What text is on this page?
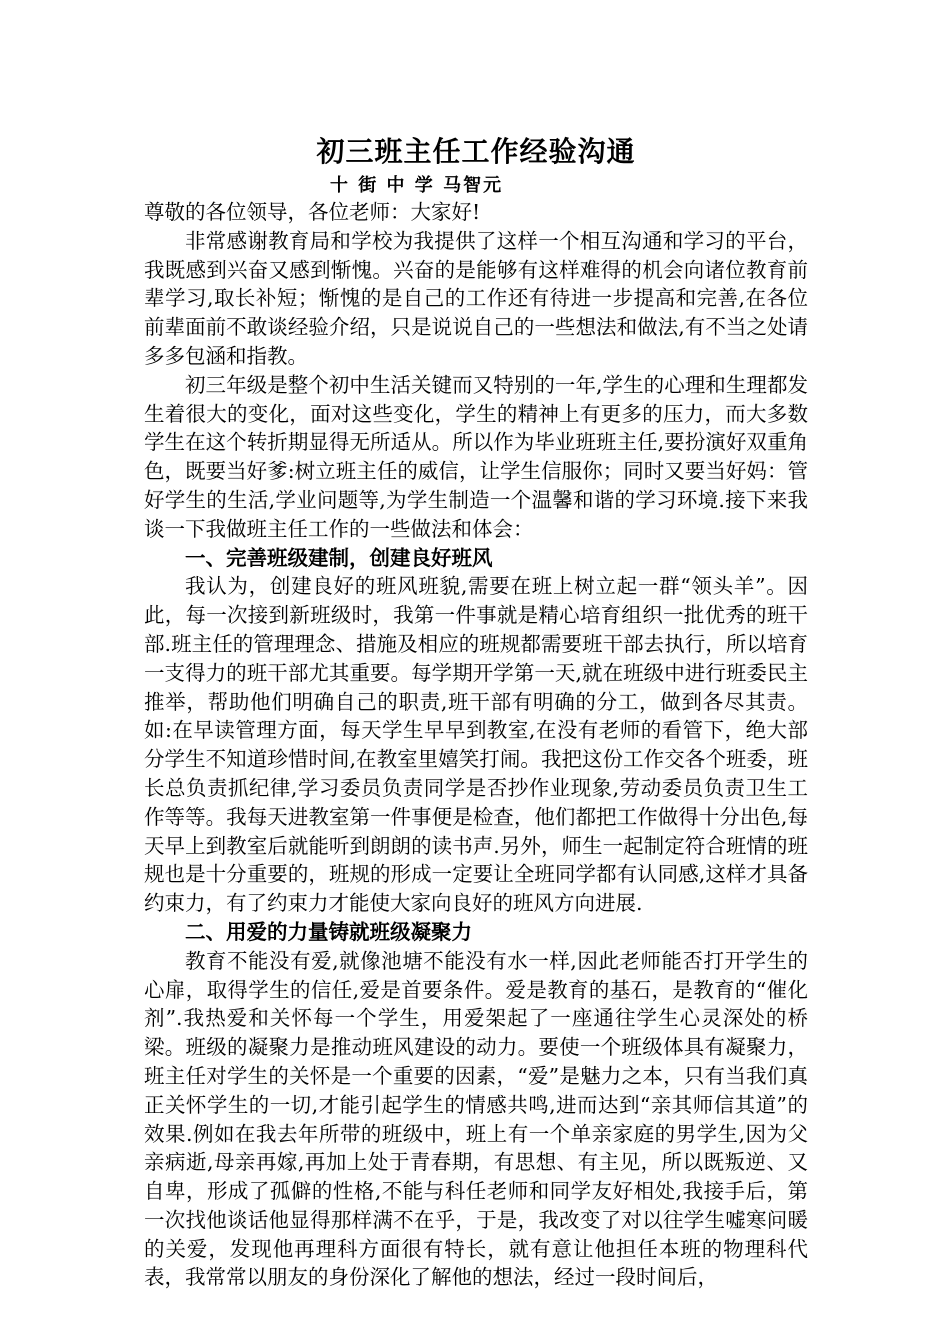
初三班主任工作经验沟通
十 街 中 学 马智元

尊敬的各位领导，各位老师：大家好!

非常感谢教育局和学校为我提供了这样一个相互沟通和学习的平台，我既感到兴奋又感到惭愧。兴奋的是能够有这样难得的机会向诸位教育前辈学习,取长补短；惭愧的是自己的工作还有待进一步提高和完善,在各位前辈面前不敢谈经验介绍，只是说说自己的一些想法和做法,有不当之处请多多包涵和指教。

初三年级是整个初中生活关键而又特别的一年,学生的心理和生理都发生着很大的变化，面对这些变化，学生的精神上有更多的压力，而大多数学生在这个转折期显得无所适从。所以作为毕业班班主任,要扮演好双重角色，既要当好爹:树立班主任的威信，让学生信服你；同时又要当好妈：管好学生的生活,学业问题等,为学生制造一个温馨和谐的学习环境.接下来我谈一下我做班主任工作的一些做法和体会：

一、完善班级建制，创建良好班风

我认为，创建良好的班风班貌,需要在班上树立起一群“领头羊”。因此，每一次接到新班级时，我第一件事就是精心培育组织一批优秀的班干部.班主任的管理理念、措施及相应的班规都需要班干部去执行，所以培育一支得力的班干部尤其重要。每学期开学第一天,就在班级中进行班委民主推举，帮助他们明确自己的职责,班干部有明确的分工，做到各尽其责。如:在早读管理方面，每天学生早早到教室,在没有老师的看管下，绝大部分学生不知道珍惜时间,在教室里嬉笑打闹。我把这份工作交各个班委，班长总负责抓纪律,学习委员负责同学是否抄作业现象,劳动委员负责卫生工作等等。我每天进教室第一件事便是检查，他们都把工作做得十分出色,每天早上到教室后就能听到朗朗的读书声.另外，师生一起制定符合班情的班规也是十分重要的，班规的形成一定要让全班同学都有认同感,这样才具备约束力，有了约束力才能使大家向良好的班风方向进展.

二、用爱的力量铸就班级凝聚力

教育不能没有爱,就像池塘不能没有水一样,因此老师能否打开学生的心扉，取得学生的信任,爱是首要条件。爱是教育的基石，是教育的“催化剂”.我热爱和关怀每一个学生，用爱架起了一座通往学生心灵深处的桥梁。班级的凝聚力是推动班风建设的动力。要使一个班级体具有凝聚力，班主任对学生的关怀是一个重要的因素，“爱”是魅力之本，只有当我们真正关怀学生的一切,才能引起学生的情感共鸣,进而达到“亲其师信其道”的效果.例如在我去年所带的班级中，班上有一个单亲家庭的男学生,因为父亲病逝,母亲再嫁,再加上处于青春期，有思想、有主见，所以既叛逆、又自卑，形成了孤僻的性格,不能与科任老师和同学友好相处,我接手后，第一次找他谈话他显得那样满不在乎，于是，我改变了对以往学生嘘寒问暖的关爱，发现他再理科方面很有特长，就有意让他担任本班的物理科代表，我常常以朋友的身份深化了解他的想法，经过一段时间后，
